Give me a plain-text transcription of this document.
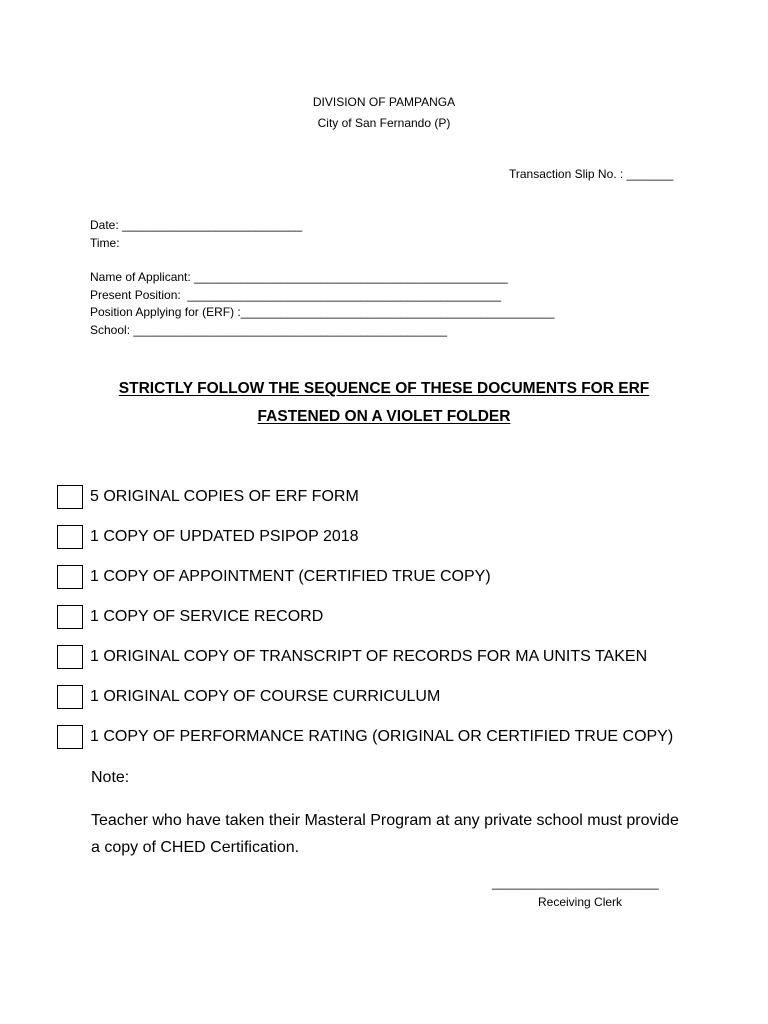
DIVISION OF PAMPANGA
City of San Fernando (P)
Transaction Slip No. : _______
Date: ___________________________
Time:
Name of Applicant: _______________________________________________
Present Position:  _______________________________________________
Position Applying for (ERF) :_______________________________________________
School: _______________________________________________
STRICTLY FOLLOW THE SEQUENCE OF THESE DOCUMENTS FOR ERF
FASTENED ON A VIOLET FOLDER
5 ORIGINAL COPIES OF ERF FORM
1 COPY OF UPDATED PSIPOP 2018
1 COPY OF APPOINTMENT (CERTIFIED TRUE COPY)
1 COPY OF SERVICE RECORD
1 ORIGINAL COPY OF TRANSCRIPT OF RECORDS FOR MA UNITS TAKEN
1 ORIGINAL COPY OF COURSE CURRICULUM
1 COPY OF PERFORMANCE RATING (ORIGINAL OR CERTIFIED TRUE COPY)
Note:
Teacher who have taken their Masteral Program at any private school must provide a copy of CHED Certification.
_________________________
Receiving Clerk
